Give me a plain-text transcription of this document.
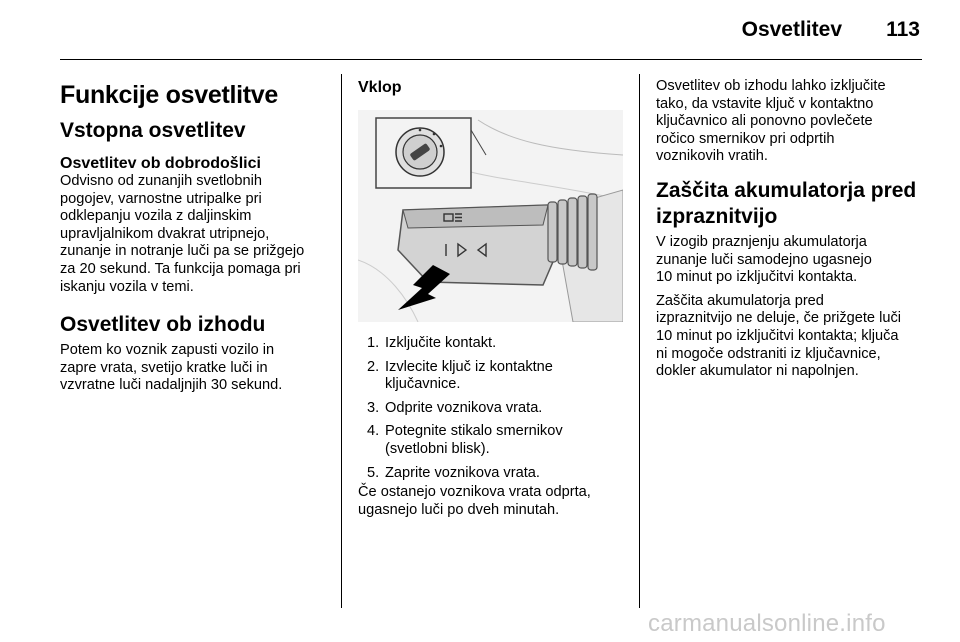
Osvetlitev 113
Funkcije osvetlitve
Vstopna osvetlitev
Osvetlitev ob dobrodošlici

Odvisno od zunanjih svetlobnih

pogojev, varnostne utripalke pri

odklepanju vozila z daljinskim

upravljalnikom dvakrat utripnejo,

zunanje in notranje luči pa se prižgejo

za 20 sekund. Ta funkcija pomaga pri

iskanju vozila v temi.

Osvetlitev ob izhodu

Potem ko voznik zapusti vozilo in

zapre vrata, svetijo kratke luči in

vzvratne luči nadaljnjih 30 sekund.

Vklop
1. Izključite kontakt.
2. Izvlecite ključ iz kontaktne
ključavnice.
3. Odprite voznikova vrata.
4. Potegnite stikalo smernikov
(svetlobni blisk).
5. Zaprite voznikova vrata.

Če ostanejo voznikova vrata odprta,

ugasnejo luči po dveh minutah.

Osvetlitev ob izhodu lahko izključite

tako, da vstavite ključ v kontaktno

ključavnico ali ponovno povlečete

ročico smernikov pri odprtih

voznikovih vratih.

Zaščita akumulatorja pred
izpraznitvijo

V izogib praznjenju akumulatorja

zunanje luči samodejno ugasnejo

10 minut po izključitvi kontakta.

Zaščita akumulatorja pred

izpraznitvijo ne deluje, če prižgete luči

10 minut po izključitvi kontakta; ključa

ni mogoče odstraniti iz ključavnice,

dokler akumulator ni napolnjen.

carmanualsonline.info
